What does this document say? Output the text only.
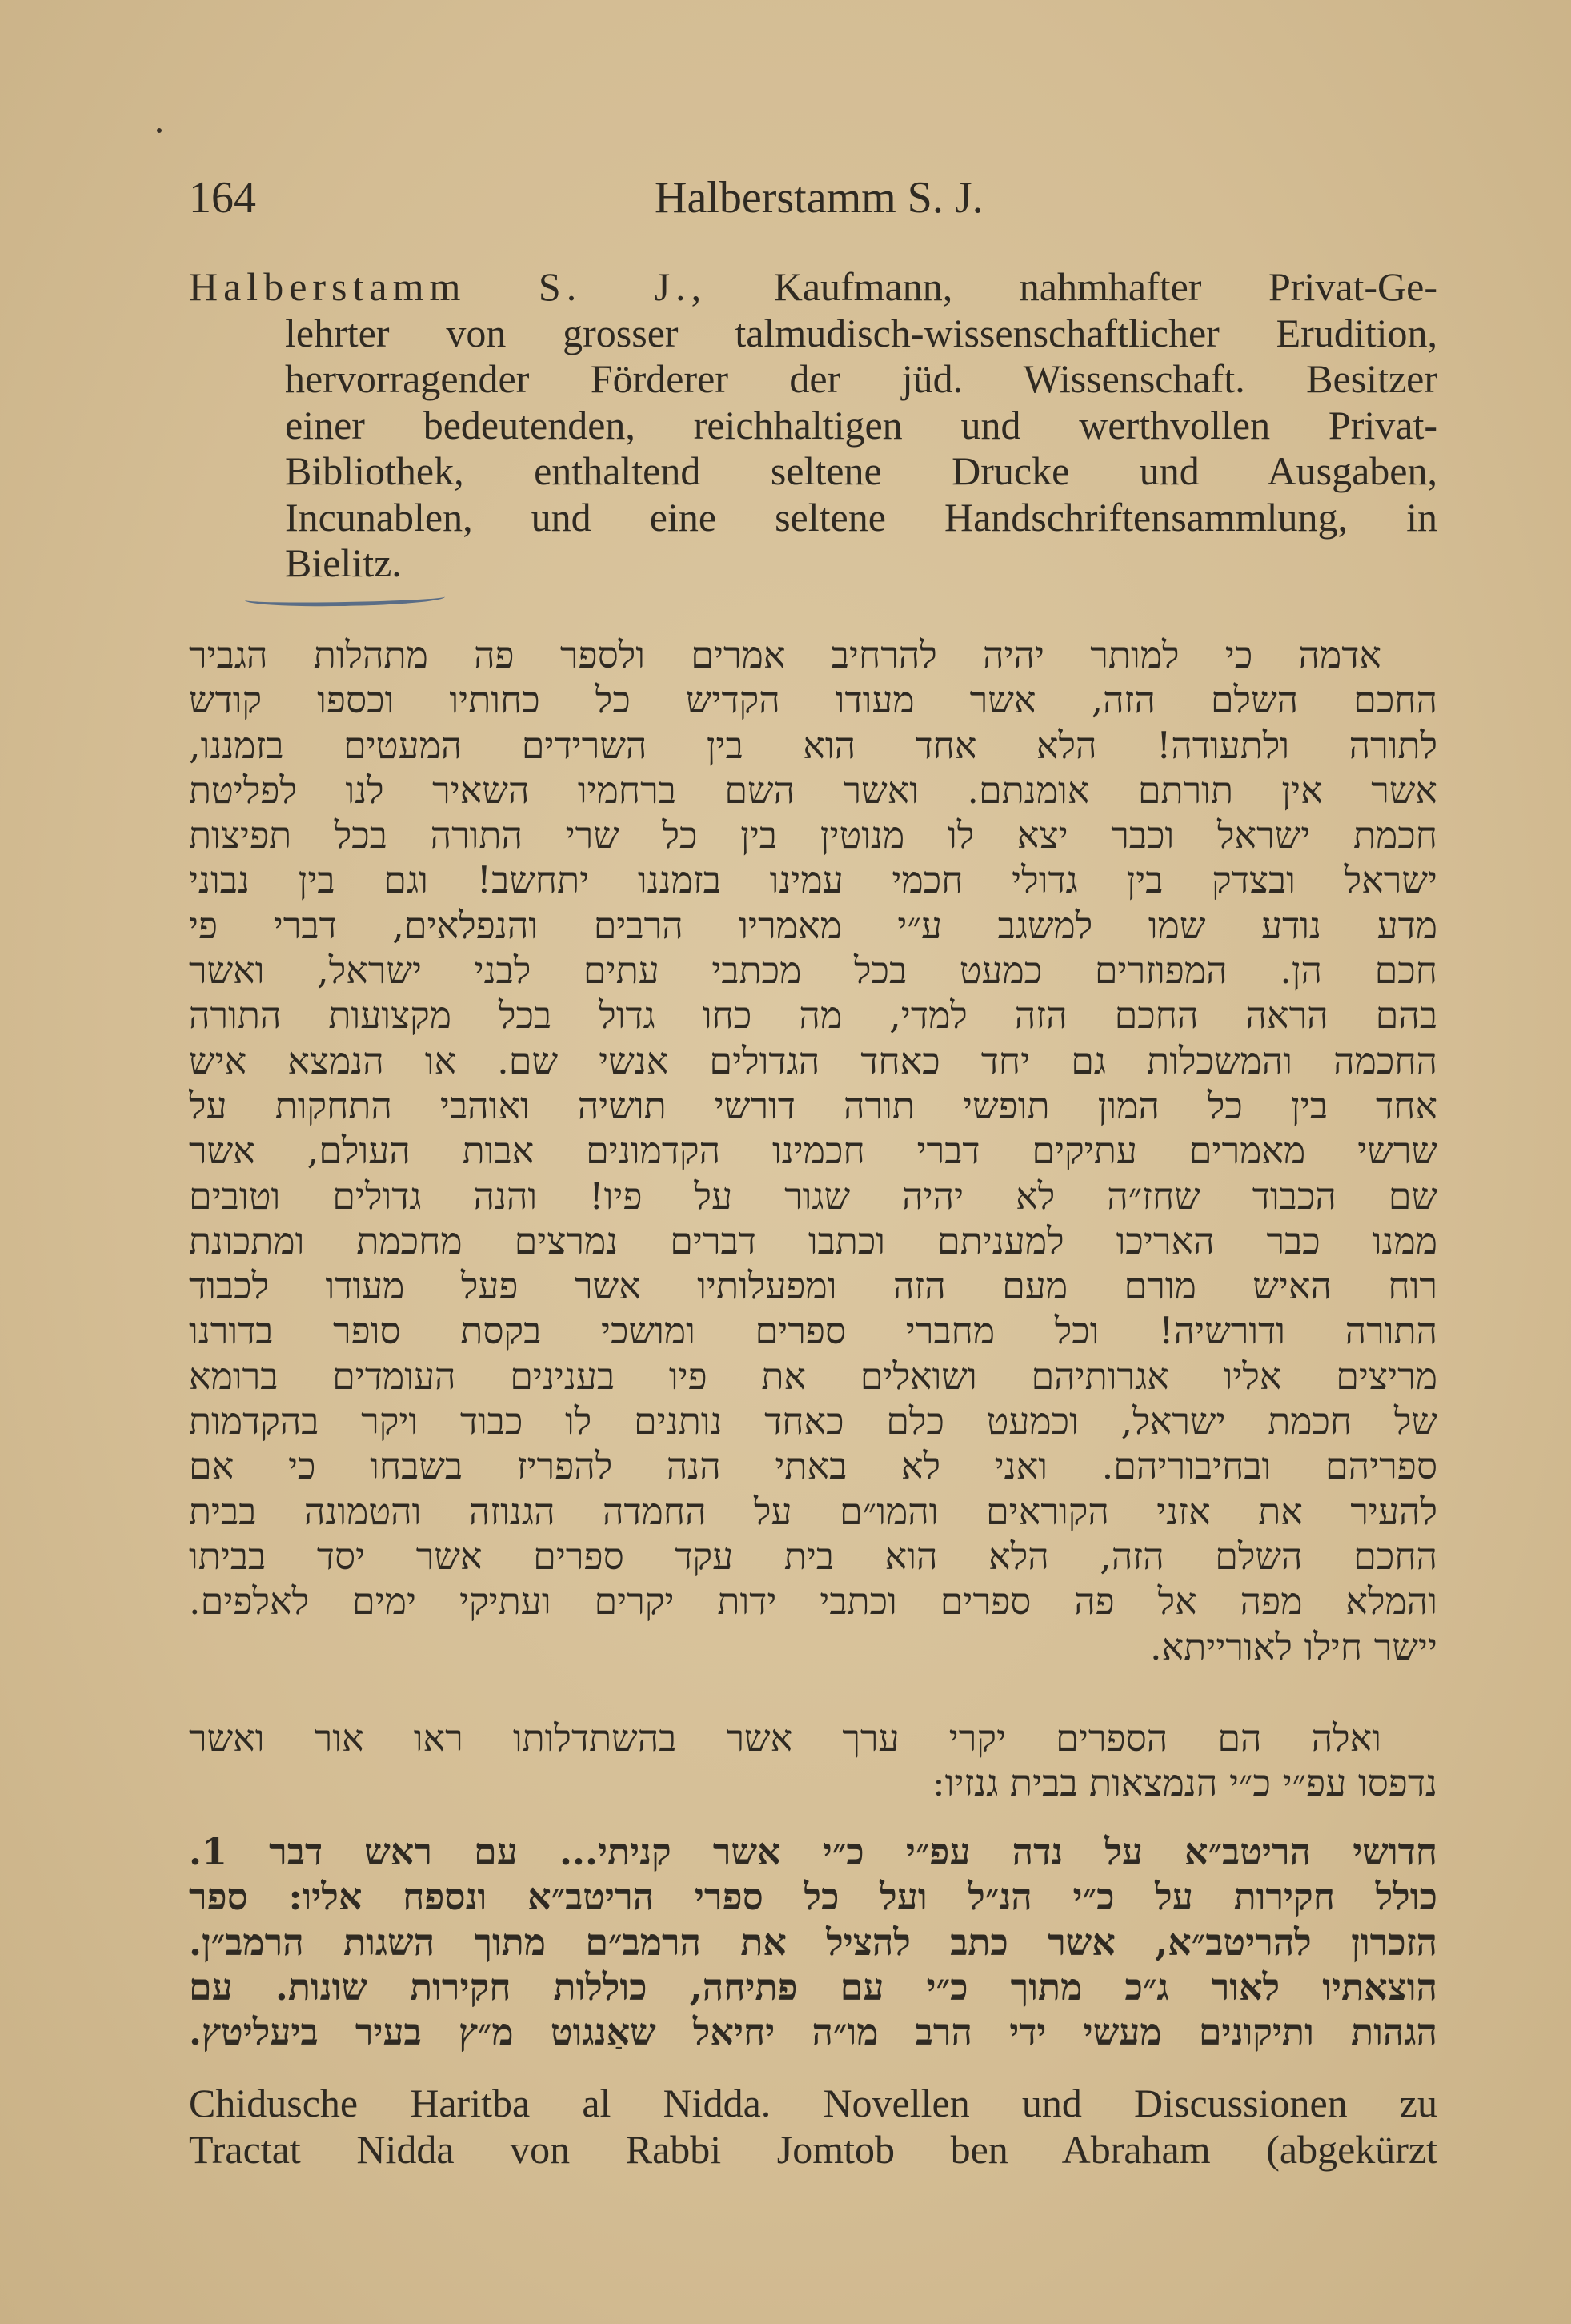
164	Halberstamm S. J.
Halberstamm S. J., Kaufmann, nahmhafter Privat-Ge-
lehrter von grosser talmudisch-wissenschaftlicher Erudition,
hervorragender Förderer der jüd. Wissenschaft. Besitzer
einer bedeutenden, reichhaltigen und werthvollen Privat-
Bibliothek, enthaltend seltene Drucke und Ausgaben,
Incunablen, und eine seltene Handschriftensammlung, in
Bielitz.
אדמה כי למותר יהיה להרחיב אמרים ולספר פה מתהלות הגביר
החכם השלם הזה, אשר מעודו הקדיש כל כחותיו וכספו קודש
לתורה ולתעודה! הלא אחד הוא בין השרידים המעטים בזמננו,
אשר אין תורתם אומנתם. ואשר השם ברחמיו השאיר לנו לפליטת
חכמת ישראל וכבר יצא לו מנוטין בין כל שרי התורה בכל תפיצות
ישראל ובצדק בין גדולי חכמי עמינו בזמננו יתחשב! וגם בין נבוני
מדע נודע שמו למשגב ע״י מאמריו הרבים והנפלאים, דברי פי
חכם הן. המפוזרים כמעט בכל מכתבי עתים לבני ישראל, ואשר
בהם הראה החכם הזה למדי, מה כחו גדול בכל מקצועות התורה
החכמה והמשכלות גם יחד כאחד הגדולים אנשי שם. או הנמצא איש
אחד בין כל המון תופשי תורה דורשי תושיה ואוהבי התחקות על
שרשי מאמרים עתיקים דברי חכמינו הקדמונים אבות העולם, אשר
שם הכבוד שחז״ה לא יהיה שגור על פיו! והנה גדולים וטובים
ממנו כבר האריכו למעניתם וכתבו דברים נמרצים מחכמת ומתכונת
רוח האיש מורם מעם הזה ומפעלותיו אשר פעל מעודו לכבוד
התורה ודורשיה! וכל מחברי ספרים ומושכי בקסת סופר בדורנו
מריצים אליו אגרותיהם ושואלים את פיו בענינים העומדים ברומא
של חכמת ישראל, וכמעט כלם כאחד נותנים לו כבוד ויקר בהקדמות
ספריהם ובחיבוריהם. ואני לא באתי הנה להפריז בשבחו כי אם
להעיר את אזני הקוראים והמו״ם על החמדה הגנוזה והטמונה בבית
החכם השלם הזה, הלא הוא בית עקד ספרים אשר יסד בביתו
והמלא מפה אל פה ספרים וכתבי ידות יקרים ועתיקי ימים לאלפים.
יישר חילו לאורייתא.
ואלה הם הספרים יקרי ערך אשר בהשתדלותו ראו אור ואשר
נדפסו עפ״י כ״י הנמצאות בבית גנזיו:
חדושי הריטב״א על נדה עפ״י כ״י אשר קניתי... עם ראש דבר 1.
כולל חקירות על כ״י הנ״ל ועל כל ספרי הריטב״א ונספח אליו: ספר
הזכרון להריטב״א, אשר כתב להציל את הרמב״ם מתוך השגות הרמב״ן.
הוצאתיו לאור ג״כ מתוך כ״י עם פתיחה, כוללות חקירות שונות. עם
הגהות ותיקונים מעשי ידי הרב מו״ה יחיאל שאַנגוט מ״ץ בעיר ביעליטץ.
Chidusche Haritba al Nidda. Novellen und Discussionen zu
Tractat Nidda von Rabbi Jomtob ben Abraham (abgekürzt
